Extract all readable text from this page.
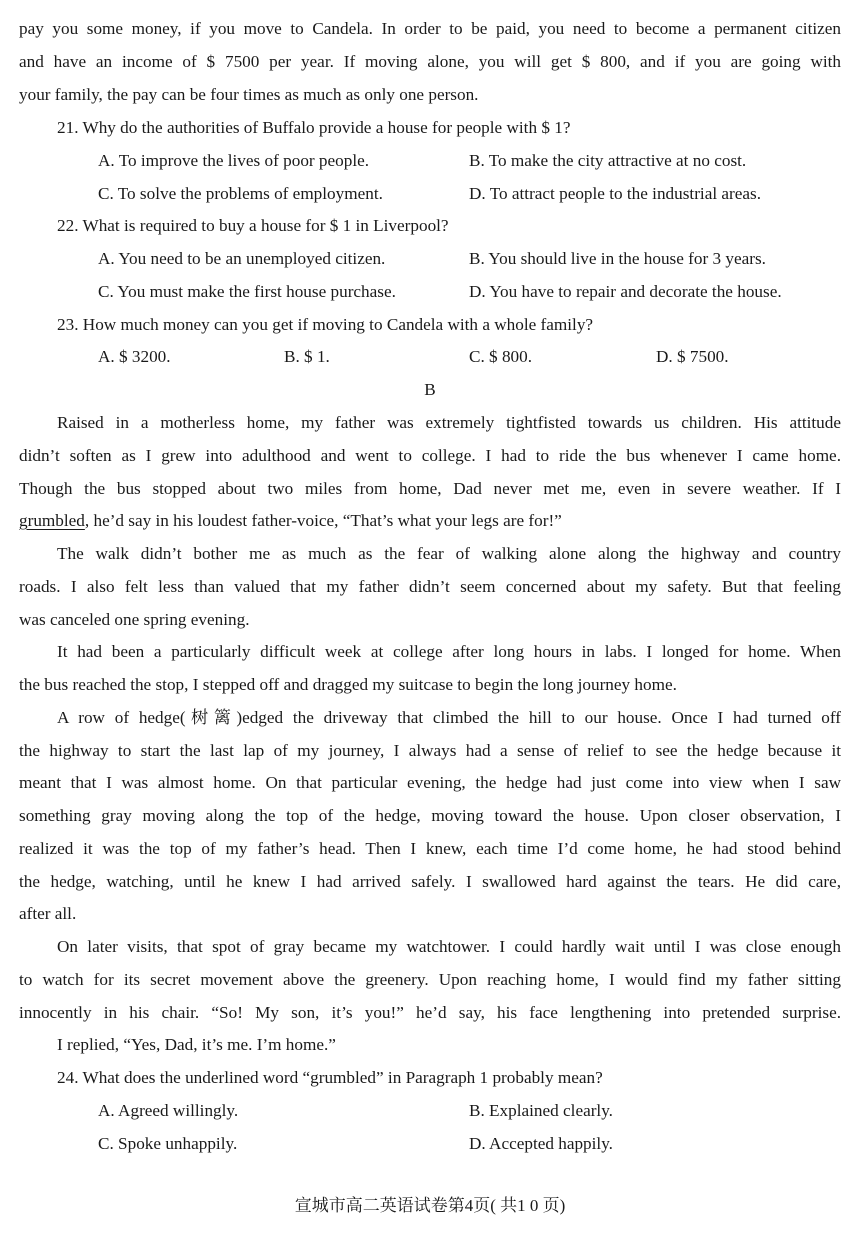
pay you some money, if you move to Candela. In order to be paid, you need to become a permanent citizen
and have an income of $ 7500 per year. If moving alone, you will get $ 800, and if you are going with
your family, the pay can be four times as much as only one person.
21. Why do the authorities of Buffalo provide a house for people with $ 1?
A. To improve the lives of poor people.	B. To make the city attractive at no cost.
C. To solve the problems of employment.	D. To attract people to the industrial areas.
22. What is required to buy a house for $ 1 in Liverpool?
A. You need to be an unemployed citizen.	B. You should live in the house for 3 years.
C. You must make the first house purchase.	D. You have to repair and decorate the house.
23. How much money can you get if moving to Candela with a whole family?
A. $ 3200.	B. $ 1.	C. $ 800.	D. $ 7500.
B
Raised in a motherless home, my father was extremely tightfisted towards us children. His attitude
didn’t soften as I grew into adulthood and went to college. I had to ride the bus whenever I came home.
Though the bus stopped about two miles from home, Dad never met me, even in severe weather. If I
grumbled, he’d say in his loudest father-voice, “That’s what your legs are for!”
The walk didn’t bother me as much as the fear of walking alone along the highway and country
roads. I also felt less than valued that my father didn’t seem concerned about my safety. But that feeling
was canceled one spring evening.
It had been a particularly difficult week at college after long hours in labs. I longed for home. When
the bus reached the stop, I stepped off and dragged my suitcase to begin the long journey home.
A row of hedge(树篱)edged the driveway that climbed the hill to our house. Once I had turned off
the highway to start the last lap of my journey, I always had a sense of relief to see the hedge because it
meant that I was almost home. On that particular evening, the hedge had just come into view when I saw
something gray moving along the top of the hedge, moving toward the house. Upon closer observation, I
realized it was the top of my father’s head. Then I knew, each time I’d come home, he had stood behind
the hedge, watching, until he knew I had arrived safely. I swallowed hard against the tears. He did care,
after all.
On later visits, that spot of gray became my watchtower. I could hardly wait until I was close enough
to watch for its secret movement above the greenery. Upon reaching home, I would find my father sitting
innocently in his chair. “So! My son, it’s you!” he’d say, his face lengthening into pretended surprise.
I replied, “Yes, Dad, it’s me. I’m home.”
24. What does the underlined word “grumbled” in Paragraph 1 probably mean?
A. Agreed willingly.	B. Explained clearly.
C. Spoke unhappily.	D. Accepted happily.
宣城市高二英语试卷第4页( 共1 0 页)
